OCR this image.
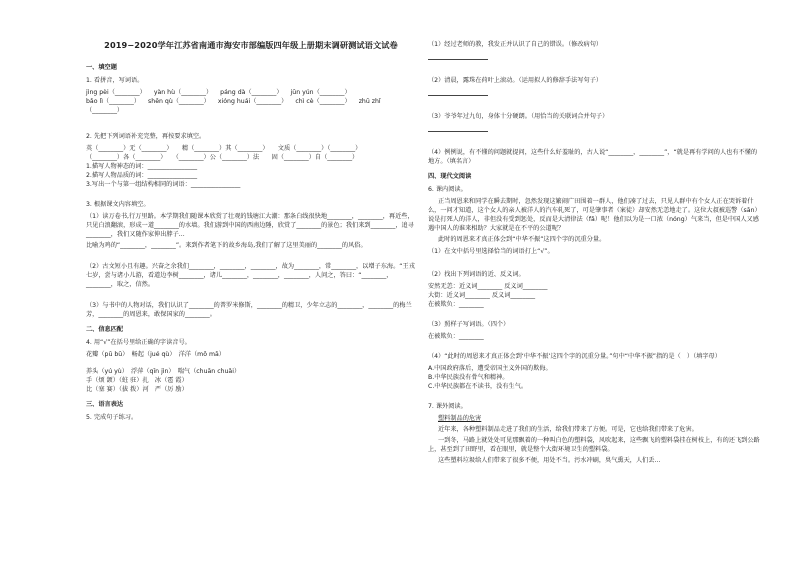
2019−2020学年江苏省南通市海安市部编版四年级上册期末调研测试语文试卷
一、填空题
1. 看拼音，写词语。
jìng pèi（________） yàn hù（________） páng dà（________） jūn yún（________）
bǎo lì（________） shēn qù（________） xióng huái（________） chì cè（________） zhū zhǐ
（________）
2. 先把下列词语补充完整，再按要求填空。
英（________）无（________）　　精（________）其（________）　　文质（________）（________）
（________）各（________）　　（________）公（________）法　　固（________）自（________）
1.描写人物神态的词：________________
2.描写人物品质的词：________________
3.写出一个与第一组结构相同的词语：________________
3. 根据课文内容填空。

（1）读万卷书,行万里路。本学期我们随课本欣赏了壮观的钱塘江大潮：那条白线很快地________，________，再近些，只见白浪翻滚，形成一道________的水墙。我们游到中国的西南边陲，欣赏了________的景色；我们来到________，追寻________，我们又随作家伸出脖子...

比喻为鸡的“________，________”。来到作者笔下的故乡海岛,我们了解了这里美丽的________的风俗。

（2）古文短小且有趣。兴奋之余我们________，________，________，故为________，常________，以增子东海。“王戎七岁，尝与诸小儿游，看道边李树________，诸儿________，________，________，人问之，答曰：“________，________，取之，信然。

（3）与书中的人物对话，我们认识了________的普罗米修斯，________的精卫，少年立志的________，________的梅兰芳，________的周恩来，敢保国家的________。

二、信息匹配
4. 用“√”在括号里给正确的字读音号。
花瓣（pū bū）　畅起（jué qù）　洋洋（mō mā）
养头（yú yù）　浮萍（qīn jìn）　喘气（chuān chuǎi）
手（烦 颌）（蛀 驻）扎　冰（雹 霞）
比（塞 赛）（拔 拨）河　严（厉 励）
三、语言表达
5. 完成句子练习。
（1）经过老师的教，我发正并认识了自己的错误。（修改病句）
（2）清晨，露珠在荷叶上滚动。（运用拟人的修辞手法写句子）
（3）爷爷年过九旬，身体十分硬朗。（用恰当的关联词合并句子）
（4）例例说，有不懂的问题就提问，这些什么好羞耻的，古人说“________，________”，“就是再有学问的人也有不懂的地方。（填名言）
四、现代文阅读
6. 课内阅读。

正当周恩来和同学在瞬去期时，忽然发现这繁闹广田围着一群人，他们凑了过去，只见人群中有个女人正在哭诉着什么，一问才知道，这个女人的亲人被洋人的汽车轧死了，可是肇事者（案徒）却安然无恙地走了。这位大叔被巡警（sān）说是打死人的洋人，非但没有受到惩处，反而是大清律法（fǎ）呢！他们以为是一口浓（nóng）气来当，但是中国人又感遇中国人的谁来相助？大家就是在不平的公道呢？

此时的周恩来才真正体会到“中华不振”这四个字的沉重分量。

（1）在文中括号里选择恰当的词语打上“√”。
（2）找出下列词语的近、反义词。
安然无恙：近义词________ 反义词________
大街：近义词________ 反义词________
在被欺负：________
（3）照样子写词语。（四个）
在被欺负：________
（4）“此时的周恩来才真正体会到‘中华不振’这四个字的沉重分量。”句中“中华不振”指的是（　）（填字母）
A.中国政府落后，遭受帝国主义外国的欺侮。
B.中华民族没有骨气和精神。
C.中华民族都在不读书，没有生气。
7. 课外阅读。
塑料制品的危害

近年来，各种塑料制品走进了我们的生活，给我们带来了方便。可是，它也给我们带来了危害。

一到冬，马路上就处处可见那飘着的一种叫白色的塑料袋，风吹起来，这些飘飞的塑料袋挂在树枝上，有的还飞到公路上，甚至到了田野里，看在眼里，就是整个大街环境卫生的塑料袋。

这些塑料垃圾给人们带来了很多不便，用处不当。污水冲刷，臭气熏天，人们丢...
